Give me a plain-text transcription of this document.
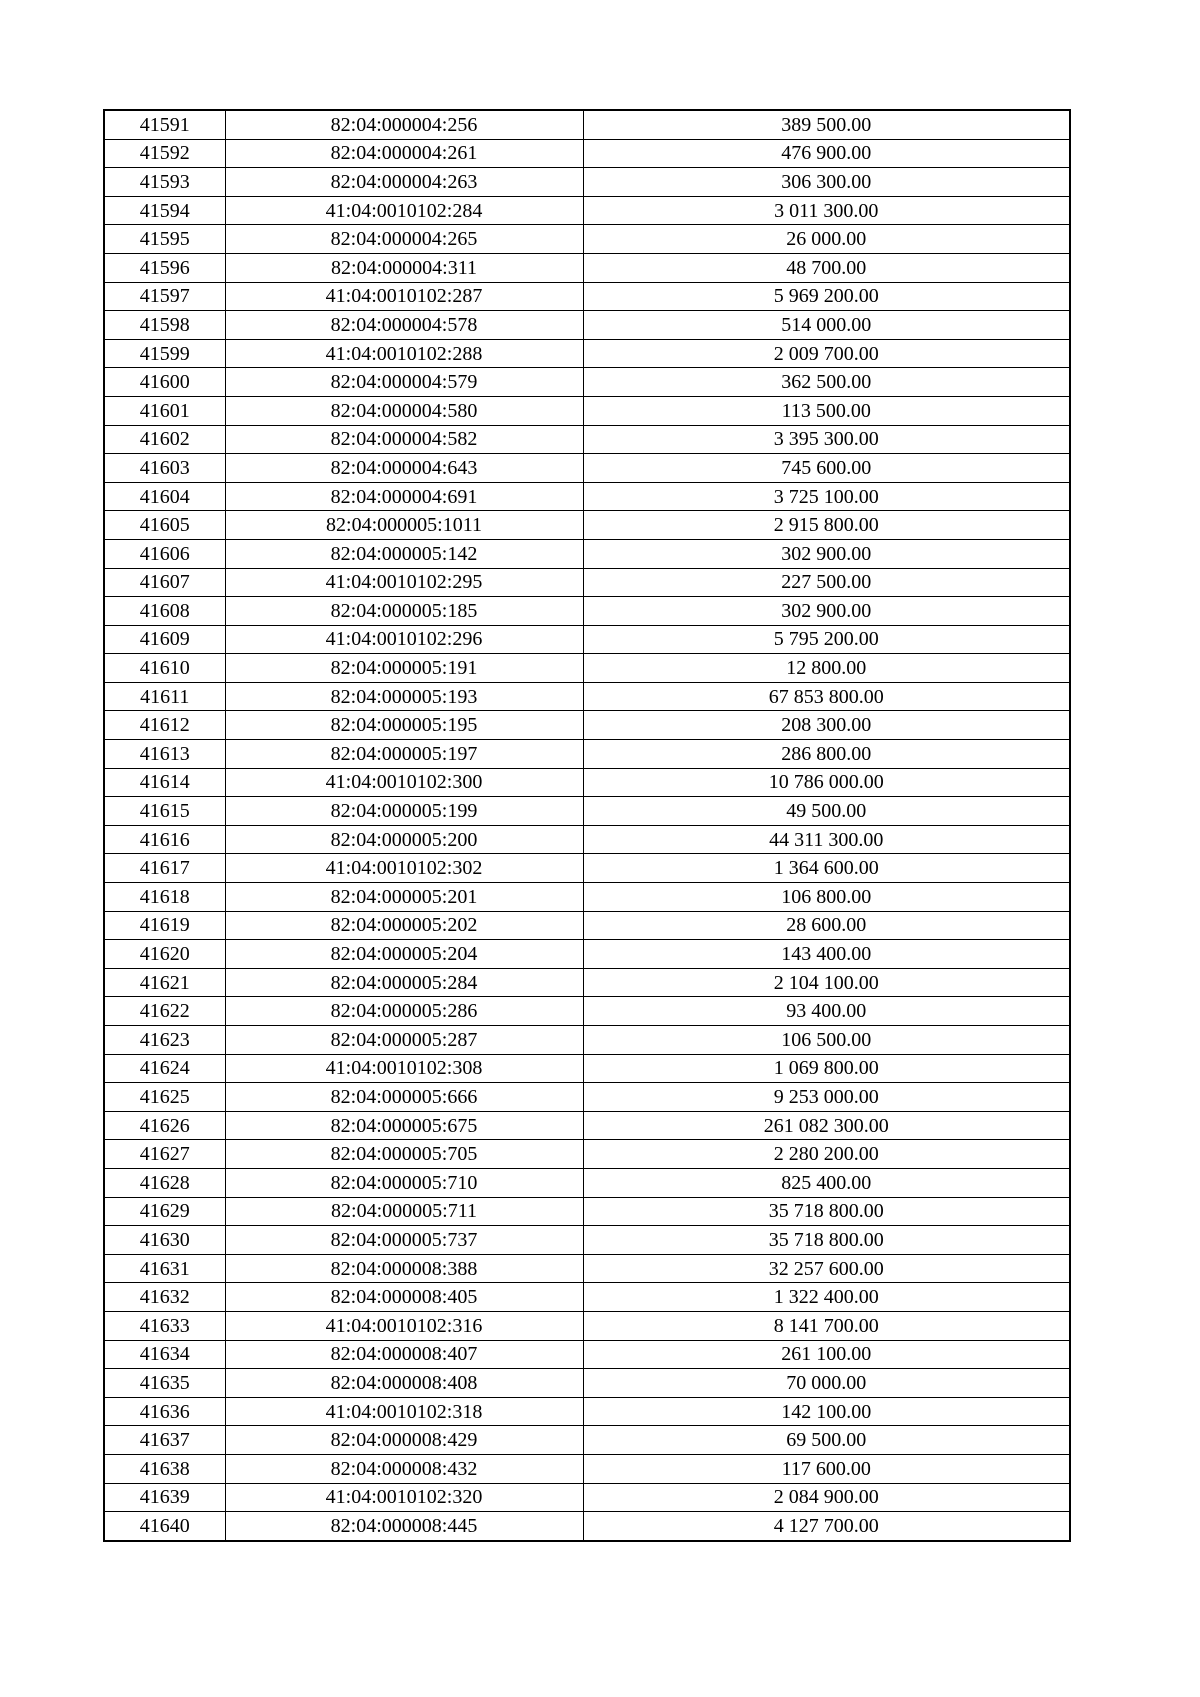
41591	82:04:000004:256	389 500.00
41592	82:04:000004:261	476 900.00
41593	82:04:000004:263	306 300.00
41594	41:04:0010102:284	3 011 300.00
41595	82:04:000004:265	26 000.00
41596	82:04:000004:311	48 700.00
41597	41:04:0010102:287	5 969 200.00
41598	82:04:000004:578	514 000.00
41599	41:04:0010102:288	2 009 700.00
41600	82:04:000004:579	362 500.00
41601	82:04:000004:580	113 500.00
41602	82:04:000004:582	3 395 300.00
41603	82:04:000004:643	745 600.00
41604	82:04:000004:691	3 725 100.00
41605	82:04:000005:1011	2 915 800.00
41606	82:04:000005:142	302 900.00
41607	41:04:0010102:295	227 500.00
41608	82:04:000005:185	302 900.00
41609	41:04:0010102:296	5 795 200.00
41610	82:04:000005:191	12 800.00
41611	82:04:000005:193	67 853 800.00
41612	82:04:000005:195	208 300.00
41613	82:04:000005:197	286 800.00
41614	41:04:0010102:300	10 786 000.00
41615	82:04:000005:199	49 500.00
41616	82:04:000005:200	44 311 300.00
41617	41:04:0010102:302	1 364 600.00
41618	82:04:000005:201	106 800.00
41619	82:04:000005:202	28 600.00
41620	82:04:000005:204	143 400.00
41621	82:04:000005:284	2 104 100.00
41622	82:04:000005:286	93 400.00
41623	82:04:000005:287	106 500.00
41624	41:04:0010102:308	1 069 800.00
41625	82:04:000005:666	9 253 000.00
41626	82:04:000005:675	261 082 300.00
41627	82:04:000005:705	2 280 200.00
41628	82:04:000005:710	825 400.00
41629	82:04:000005:711	35 718 800.00
41630	82:04:000005:737	35 718 800.00
41631	82:04:000008:388	32 257 600.00
41632	82:04:000008:405	1 322 400.00
41633	41:04:0010102:316	8 141 700.00
41634	82:04:000008:407	261 100.00
41635	82:04:000008:408	70 000.00
41636	41:04:0010102:318	142 100.00
41637	82:04:000008:429	69 500.00
41638	82:04:000008:432	117 600.00
41639	41:04:0010102:320	2 084 900.00
41640	82:04:000008:445	4 127 700.00
